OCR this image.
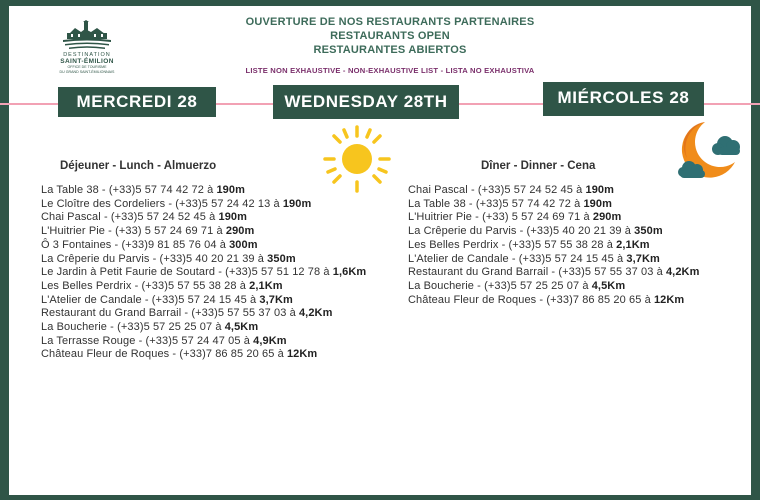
DESTINATION
SAINT-ÉMILION
OFFICE DE TOURISME
DU GRAND SAINT-ÉMILIONNAIS
OUVERTURE DE NOS RESTAURANTS PARTENAIRES
RESTAURANTS OPEN
RESTAURANTES ABIERTOS
LISTE NON EXHAUSTIVE - NON-EXHAUSTIVE LIST - LISTA NO EXHAUSTIVA
MERCREDI 28	WEDNESDAY 28TH	MIÉRCOLES 28
Déjeuner - Lunch - Almuerzo	Dîner - Dinner - Cena
La Table 38 - (+33)5 57 74 42 72 à 190m
Le Cloître des Cordeliers - (+33)5 57 24 42 13 à 190m
Chai Pascal - (+33)5 57 24 52 45 à 190m
L'Huitrier Pie - (+33) 5 57 24 69 71 à 290m
Ô 3 Fontaines - (+33)9 81 85 76 04 à 300m
La Crêperie du Parvis - (+33)5 40 20 21 39 à 350m
Le Jardin à Petit Faurie de Soutard - (+33)5 57 51 12 78 à 1,6Km
Les Belles Perdrix - (+33)5 57 55 38 28 à 2,1Km
L'Atelier de Candale - (+33)5 57 24 15 45 à 3,7Km
Restaurant du Grand Barrail - (+33)5 57 55 37 03 à 4,2Km
La Boucherie - (+33)5 57 25 25 07 à 4,5Km
La Terrasse Rouge - (+33)5 57 24 47 05 à 4,9Km
Château Fleur de Roques - (+33)7 86 85 20 65 à 12Km
Chai Pascal - (+33)5 57 24 52 45 à 190m
La Table 38 - (+33)5 57 74 42 72 à 190m
L'Huitrier Pie - (+33) 5 57 24 69 71 à 290m
La Crêperie du Parvis - (+33)5 40 20 21 39 à 350m
Les Belles Perdrix - (+33)5 57 55 38 28 à 2,1Km
L'Atelier de Candale - (+33)5 57 24 15 45 à 3,7Km
Restaurant du Grand Barrail - (+33)5 57 55 37 03 à 4,2Km
La Boucherie - (+33)5 57 25 25 07 à 4,5Km
Château Fleur de Roques - (+33)7 86 85 20 65 à 12Km
